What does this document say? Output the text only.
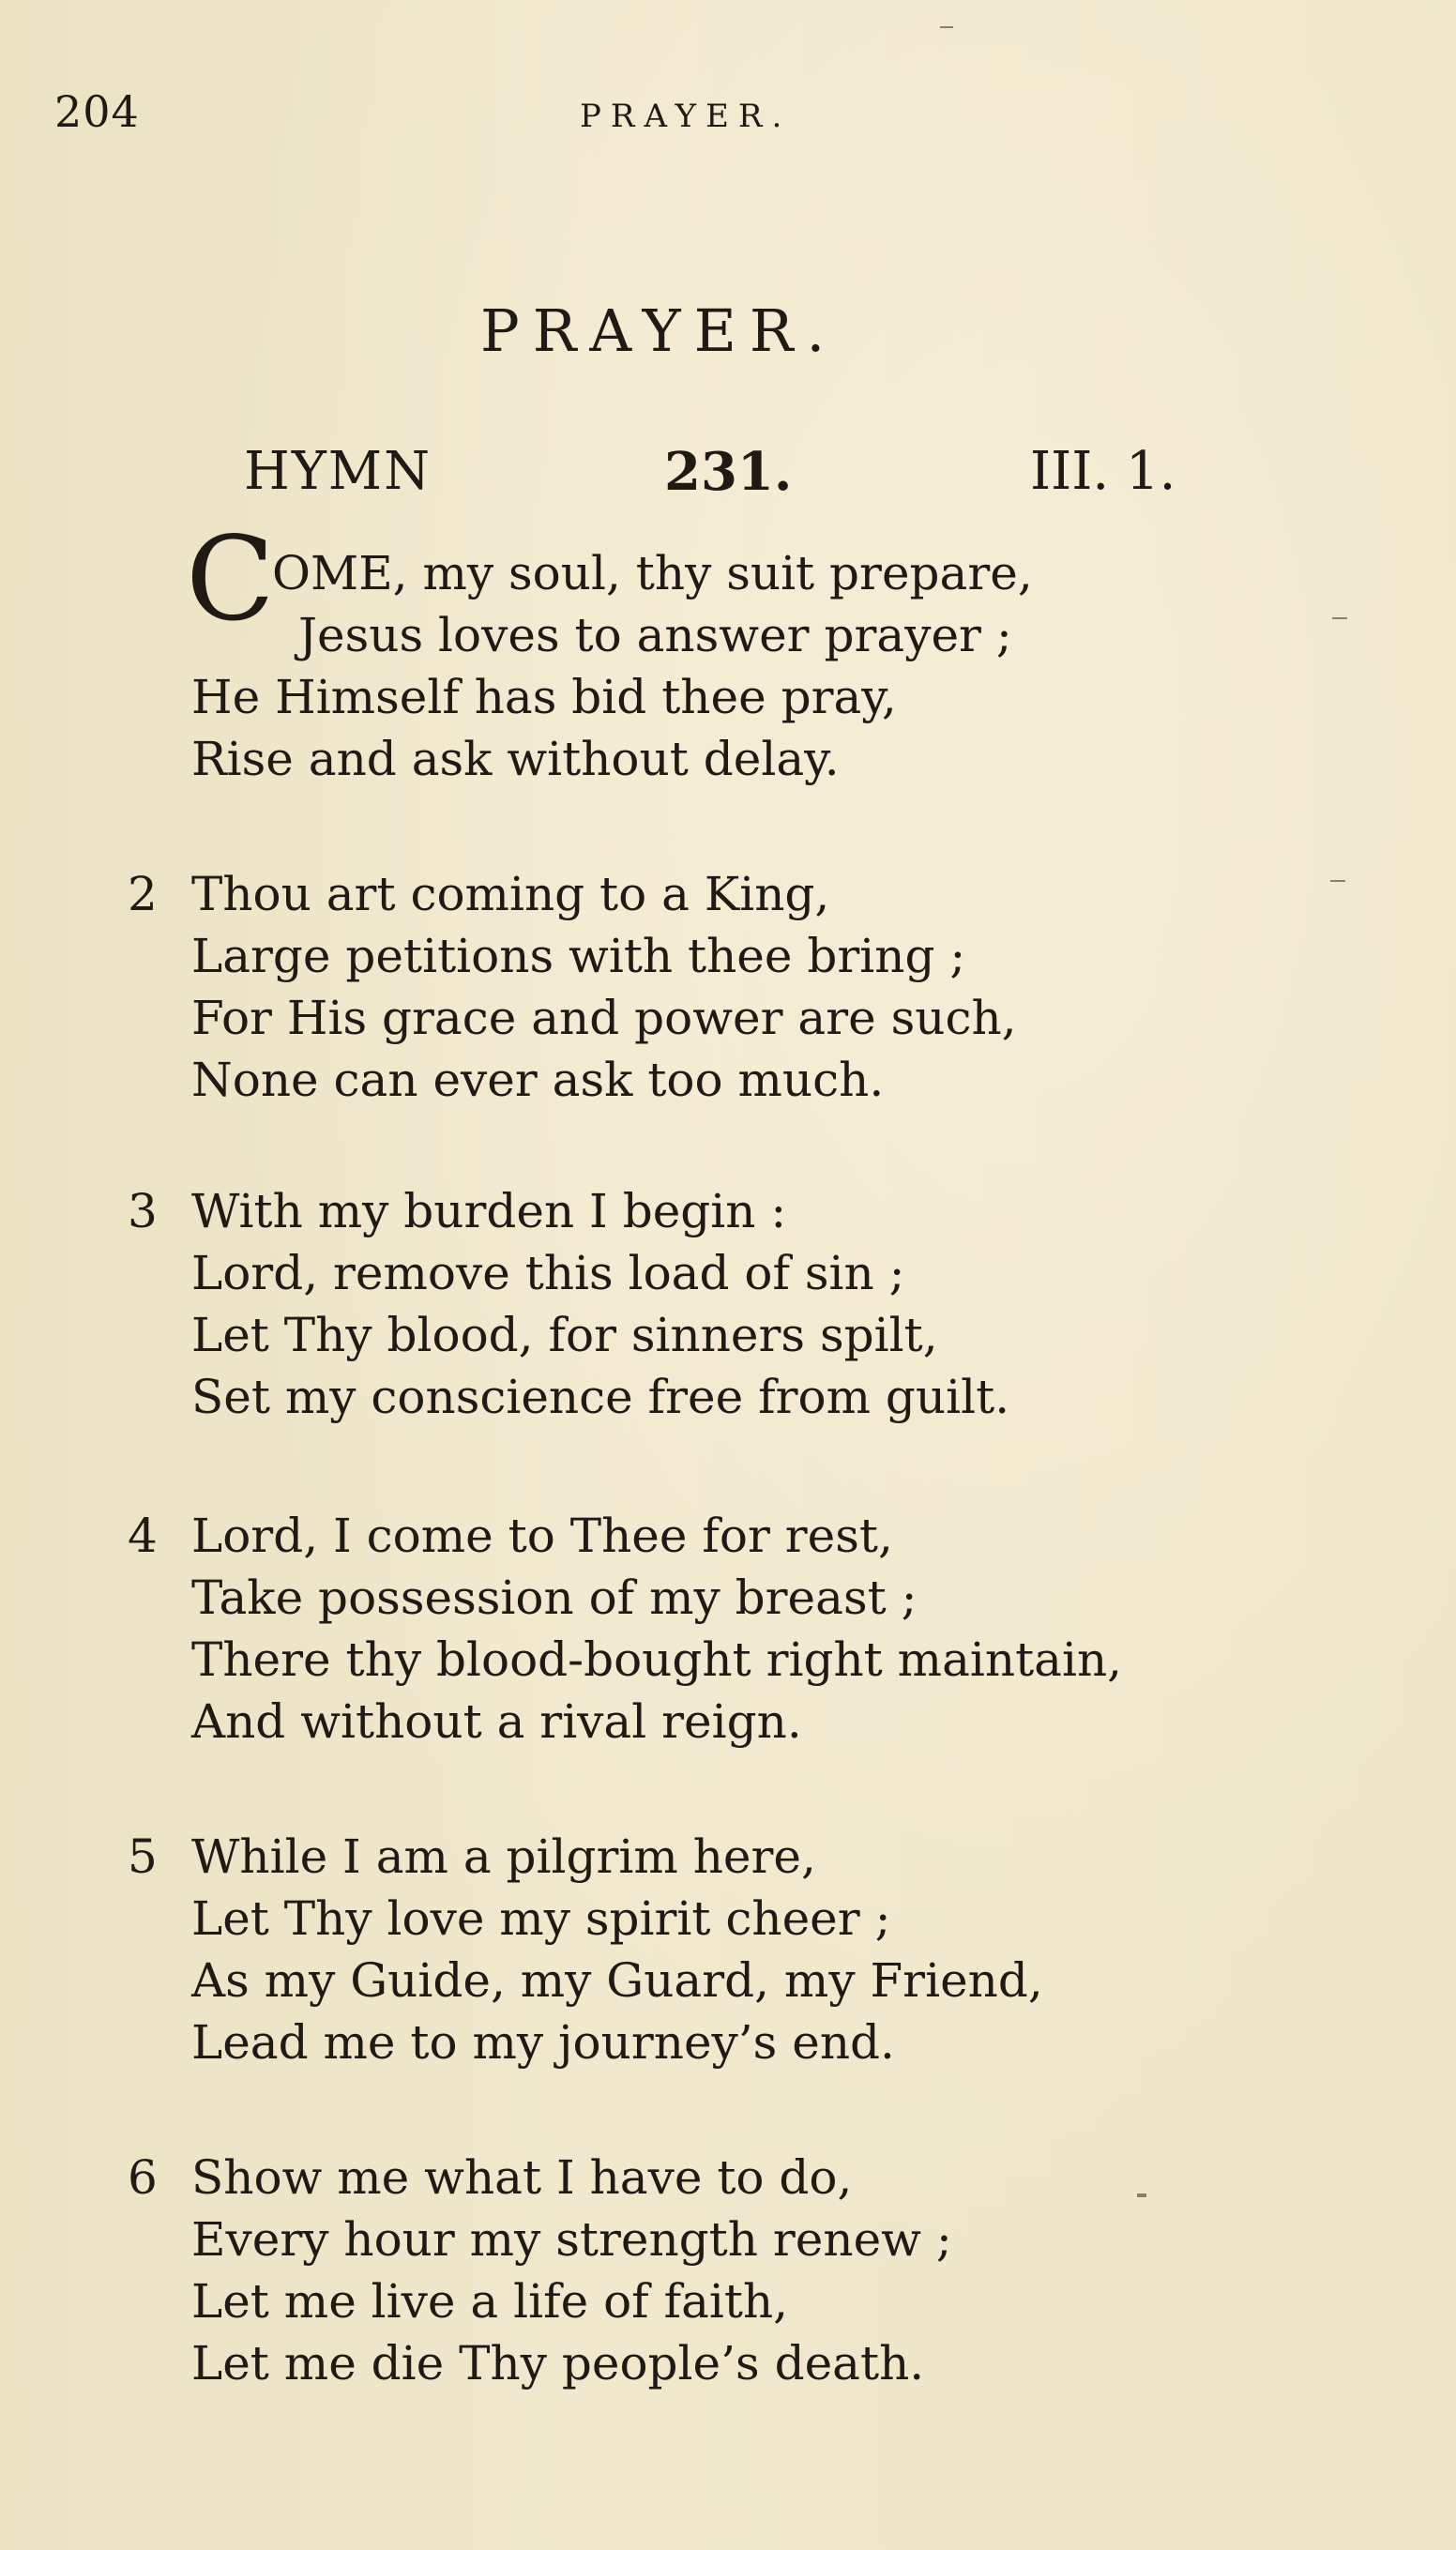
204	PRAYER.
PRAYER.
HYMN	231.	III. 1.
C
OME, my soul, thy suit prepare,
Jesus loves to answer prayer ;
He Himself has bid thee pray,
Rise and ask without delay.
2 Thou art coming to a King,
Large petitions with thee bring ;
For His grace and power are such,
None can ever ask too much.
3 With my burden I begin :
Lord, remove this load of sin ;
Let Thy blood, for sinners spilt,
Set my conscience free from guilt.
4 Lord, I come to Thee for rest,
Take possession of my breast ;
There thy blood-bought right maintain,
And without a rival reign.
5 While I am a pilgrim here,
Let Thy love my spirit cheer ;
As my Guide, my Guard, my Friend,
Lead me to my journey’s end.
6 Show me what I have to do,
Every hour my strength renew ;
Let me live a life of faith,
Let me die Thy people’s death.
